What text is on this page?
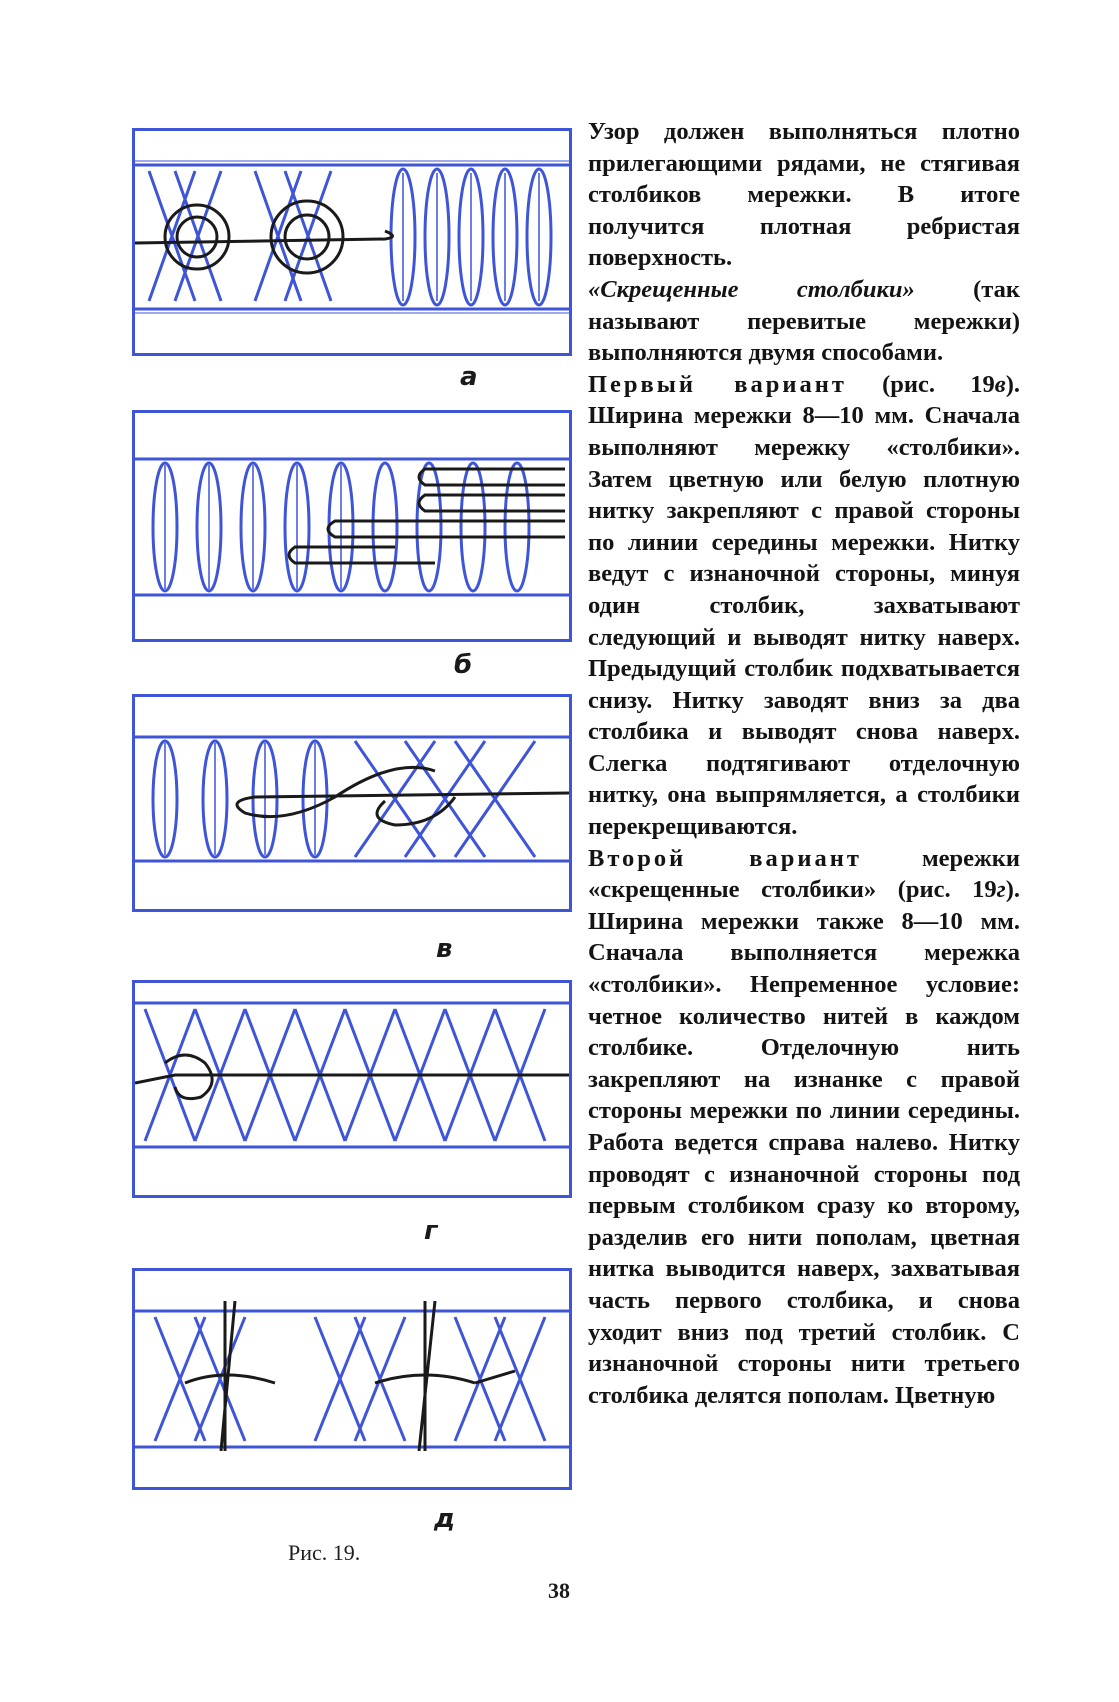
а
б
в
г
д
Рис. 19.

Узор должен выполняться плотно прилегающими рядами, не стягивая столбиков мережки. В итоге получится плотная ребристая поверхность.

«Скрещенные столбики» (так называют перевитые мережки) выполняются двумя способами.

Первый вариант (рис. 19в). Ширина мережки 8—10 мм. Сначала выполняют мережку «столбики». Затем цветную или белую плотную нитку закрепляют с правой стороны по линии середины мережки. Нитку ведут с изнаночной стороны, минуя один столбик, захватывают следующий и выводят нитку наверх. Предыдущий столбик подхватывается снизу. Нитку заводят вниз за два столбика и выводят снова наверх. Слегка подтягивают отделочную нитку, она выпрямляется, а столбики перекрещиваются.

Второй вариант мережки «скрещенные столбики» (рис. 19г). Ширина мережки также 8—10 мм. Сначала выполняется мережка «столбики». Непременное условие: четное количество нитей в каждом столбике. Отделочную нить закрепляют на изнанке с правой стороны мережки по линии середины. Работа ведется справа налево. Нитку проводят с изнаночной стороны под первым столбиком сразу ко второму, разделив его нити пополам, цветная нитка выводится наверх, захватывая часть первого столбика, и снова уходит вниз под третий столбик. С изнаночной стороны нити третьего столбика делятся пополам. Цветную

38
